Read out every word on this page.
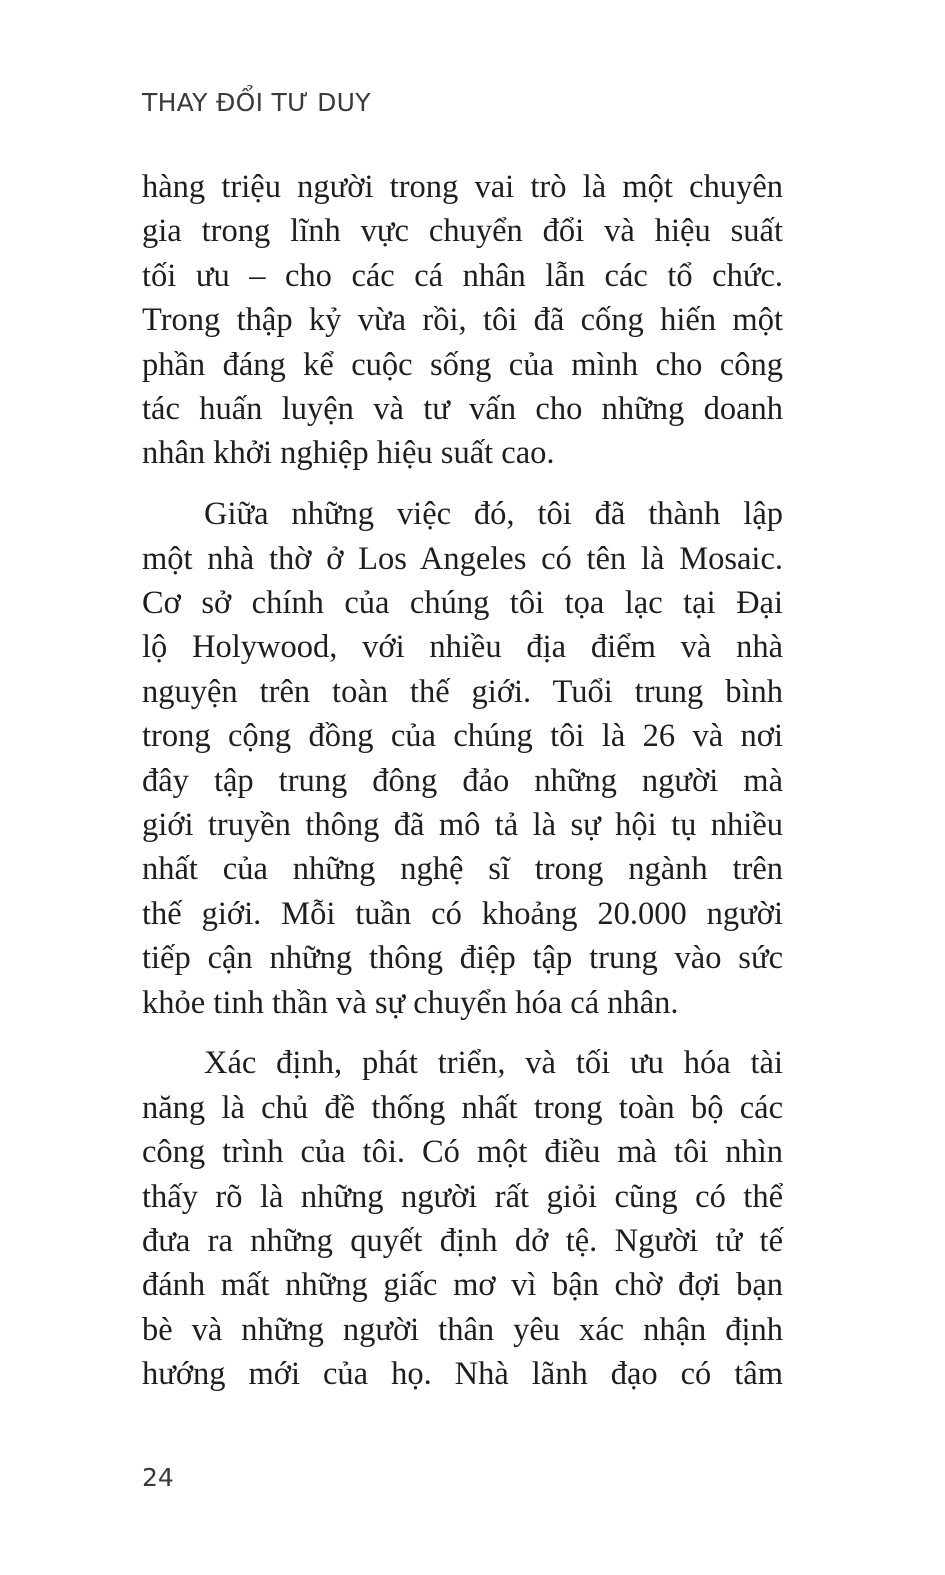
THAY ĐỔI TƯ DUY
hàng triệu người trong vai trò là một chuyên
gia trong lĩnh vực chuyển đổi và hiệu suất
tối ưu – cho các cá nhân lẫn các tổ chức.
Trong thập kỷ vừa rồi, tôi đã cống hiến một
phần đáng kể cuộc sống của mình cho công
tác huấn luyện và tư vấn cho những doanh
nhân khởi nghiệp hiệu suất cao.
Giữa những việc đó, tôi đã thành lập
một nhà thờ ở Los Angeles có tên là Mosaic.
Cơ sở chính của chúng tôi tọa lạc tại Đại
lộ Holywood, với nhiều địa điểm và nhà
nguyện trên toàn thế giới. Tuổi trung bình
trong cộng đồng của chúng tôi là 26 và nơi
đây tập trung đông đảo những người mà
giới truyền thông đã mô tả là sự hội tụ nhiều
nhất của những nghệ sĩ trong ngành trên
thế giới. Mỗi tuần có khoảng 20.000 người
tiếp cận những thông điệp tập trung vào sức
khỏe tinh thần và sự chuyển hóa cá nhân.
Xác định, phát triển, và tối ưu hóa tài
năng là chủ đề thống nhất trong toàn bộ các
công trình của tôi. Có một điều mà tôi nhìn
thấy rõ là những người rất giỏi cũng có thể
đưa ra những quyết định dở tệ. Người tử tế
đánh mất những giấc mơ vì bận chờ đợi bạn
bè và những người thân yêu xác nhận định
hướng mới của họ. Nhà lãnh đạo có tâm
24
